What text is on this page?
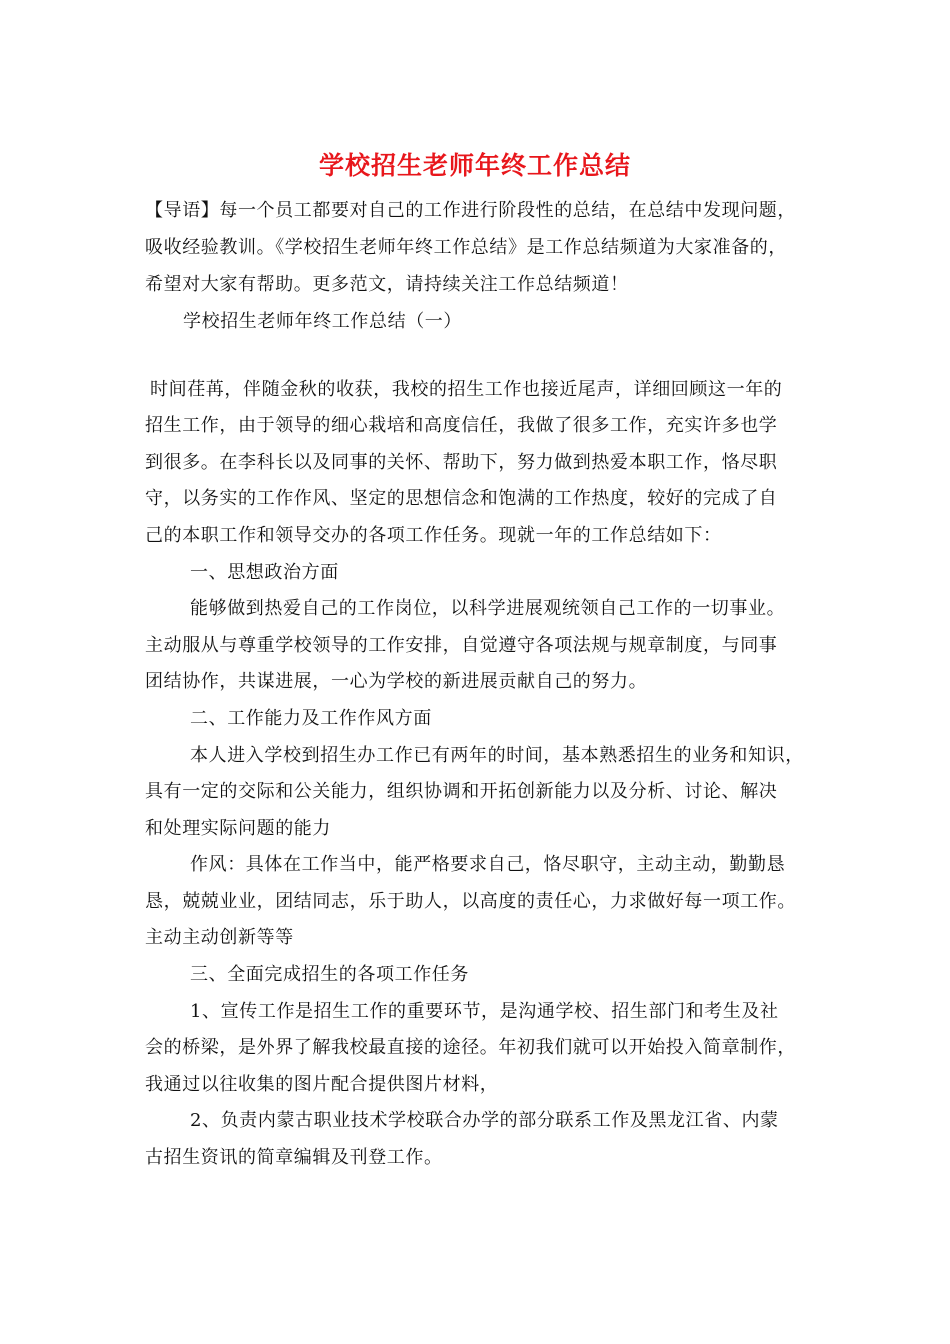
学校招生老师年终工作总结
【导语】每一个员工都要对自己的工作进行阶段性的总结，在总结中发现问题，
吸收经验教训。《学校招生老师年终工作总结》是工作总结频道为大家准备的，
希望对大家有帮助。更多范文，请持续关注工作总结频道！
学校招生老师年终工作总结（一）
时间荏苒，伴随金秋的收获，我校的招生工作也接近尾声，详细回顾这一年的
招生工作，由于领导的细心栽培和高度信任，我做了很多工作，充实许多也学
到很多。在李科长以及同事的关怀、帮助下，努力做到热爱本职工作，恪尽职
守，以务实的工作作风、坚定的思想信念和饱满的工作热度，较好的完成了自
己的本职工作和领导交办的各项工作任务。现就一年的工作总结如下：
一、思想政治方面
能够做到热爱自己的工作岗位，以科学进展观统领自己工作的一切事业。
主动服从与尊重学校领导的工作安排，自觉遵守各项法规与规章制度，与同事
团结协作，共谋进展，一心为学校的新进展贡献自己的努力。
二、工作能力及工作作风方面
本人进入学校到招生办工作已有两年的时间，基本熟悉招生的业务和知识，
具有一定的交际和公关能力，组织协调和开拓创新能力以及分析、讨论、解决
和处理实际问题的能力
作风：具体在工作当中，能严格要求自己，恪尽职守，主动主动，勤勤恳
恳，兢兢业业，团结同志，乐于助人，以高度的责任心，力求做好每一项工作。
主动主动创新等等
三、全面完成招生的各项工作任务
1、宣传工作是招生工作的重要环节，是沟通学校、招生部门和考生及社
会的桥梁，是外界了解我校最直接的途径。年初我们就可以开始投入简章制作，
我通过以往收集的图片配合提供图片材料，
2、负责内蒙古职业技术学校联合办学的部分联系工作及黑龙江省、内蒙
古招生资讯的简章编辑及刊登工作。
